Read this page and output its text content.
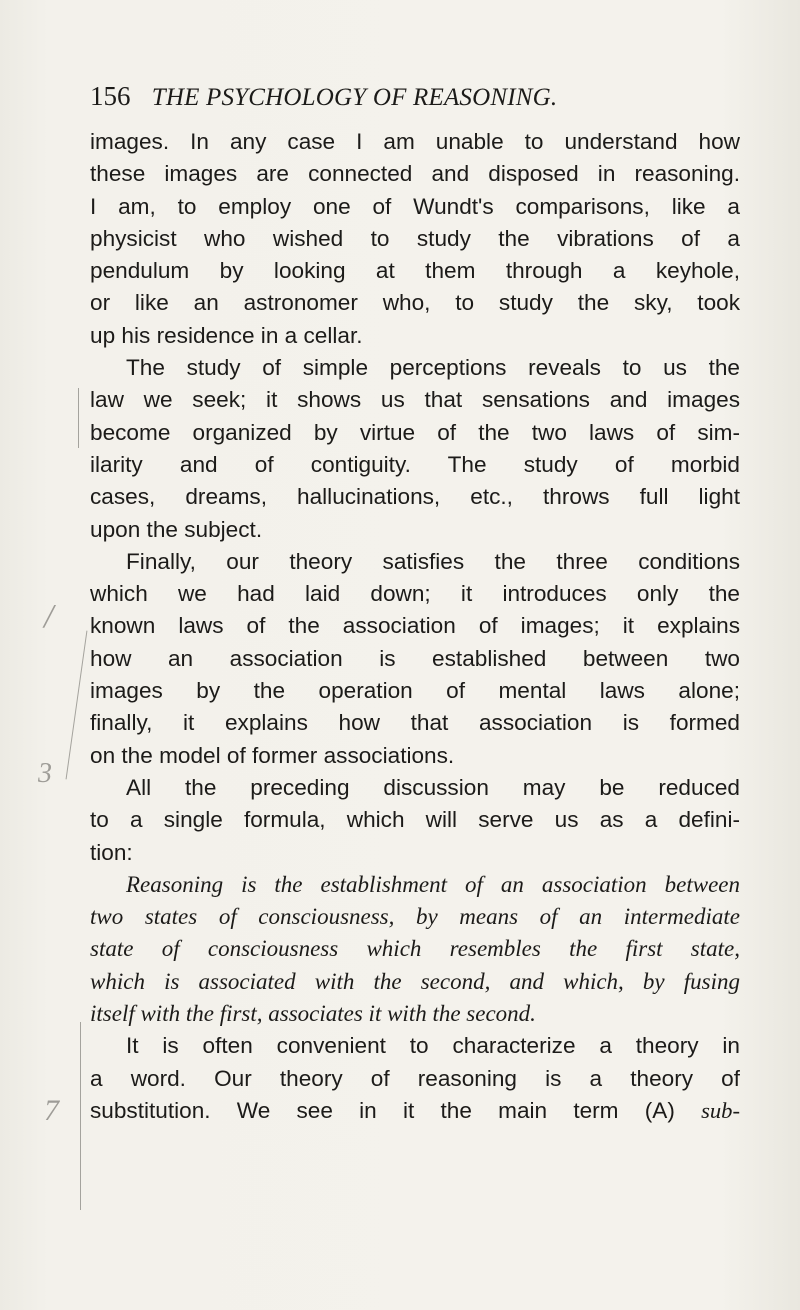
156 THE PSYCHOLOGY OF REASONING.
images. In any case I am unable to understand how
these images are connected and disposed in reasoning.
I am, to employ one of Wundt's comparisons, like a
physicist who wished to study the vibrations of a
pendulum by looking at them through a keyhole,
or like an astronomer who, to study the sky, took
up his residence in a cellar.
The study of simple perceptions reveals to us the
law we seek; it shows us that sensations and images
become organized by virtue of the two laws of sim-
ilarity and of contiguity. The study of morbid
cases, dreams, hallucinations, etc., throws full light
upon the subject.
Finally, our theory satisfies the three conditions
which we had laid down; it introduces only the
known laws of the association of images; it explains
how an association is established between two
images by the operation of mental laws alone;
finally, it explains how that association is formed
on the model of former associations.
All the preceding discussion may be reduced
to a single formula, which will serve us as a defini-
tion:
Reasoning is the establishment of an association between
two states of consciousness, by means of an intermediate
state of consciousness which resembles the first state,
which is associated with the second, and which, by fusing
itself with the first, associates it with the second.
It is often convenient to characterize a theory in
a word. Our theory of reasoning is a theory of
substitution. We see in it the main term (A) sub-
/
3
7
